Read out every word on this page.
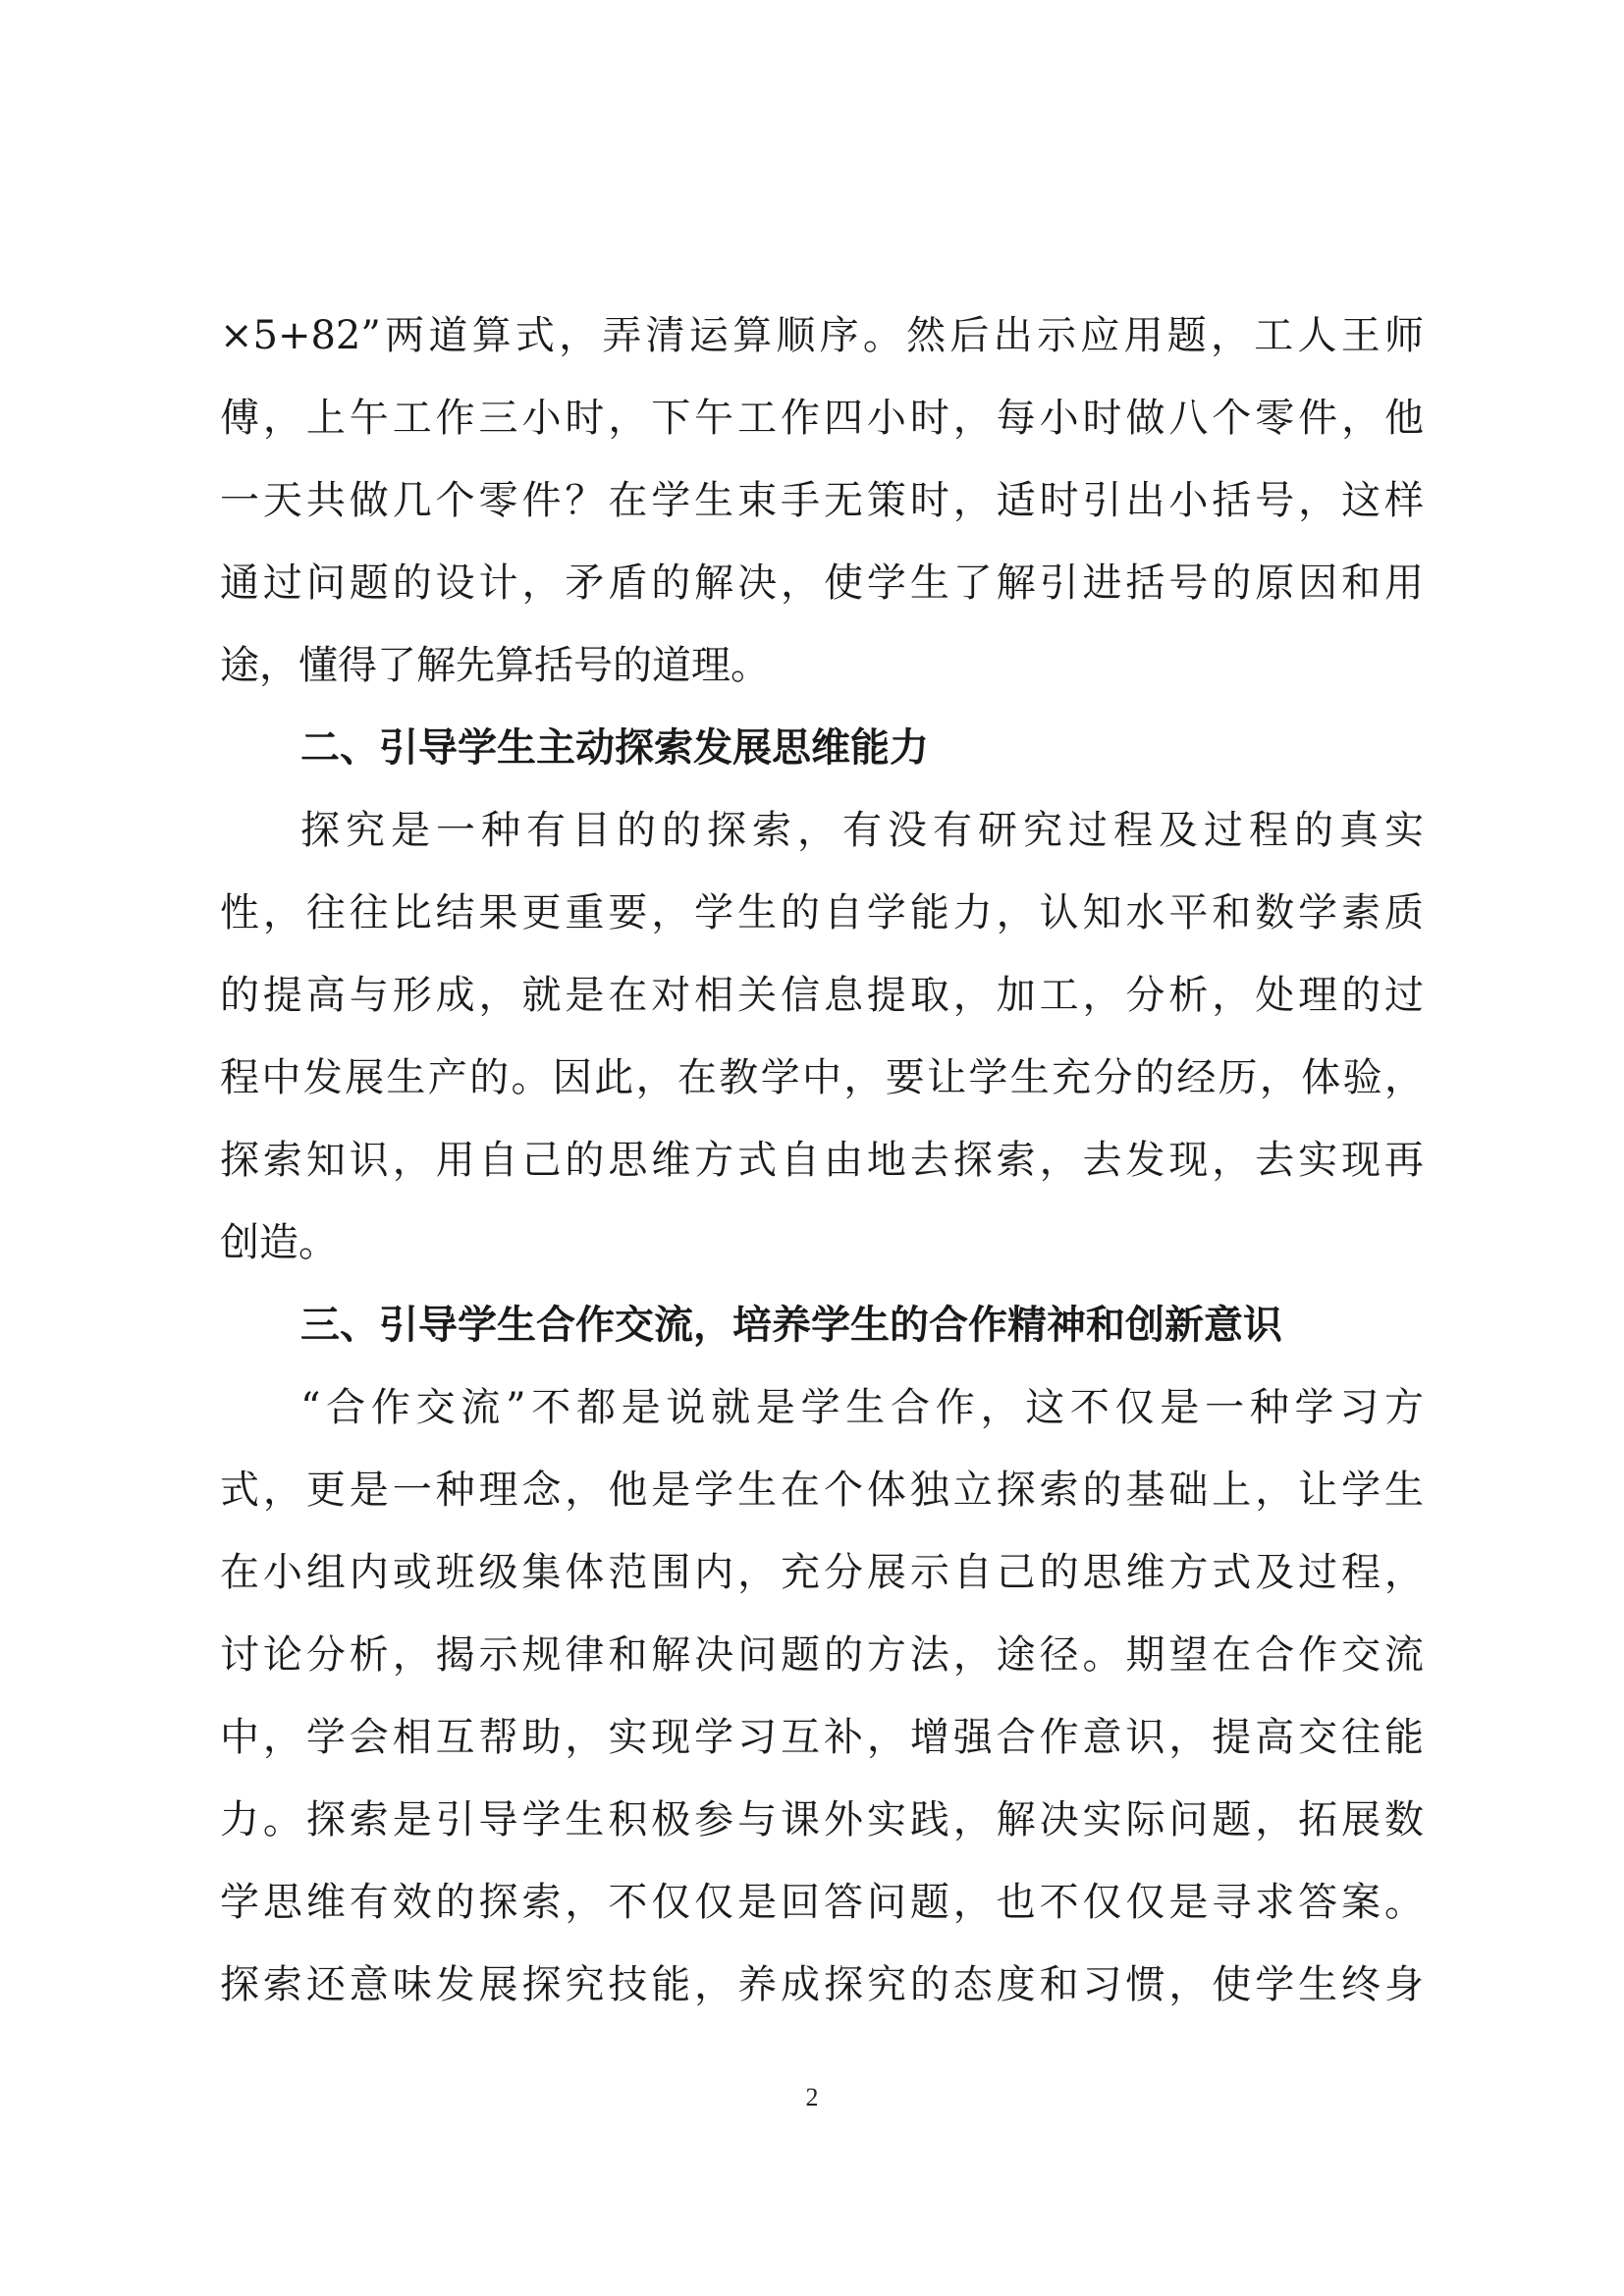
×5+82”两道算式，弄清运算顺序。然后出示应用题，工人王师
傅，上午工作三小时，下午工作四小时，每小时做八个零件，他
一天共做几个零件？在学生束手无策时，适时引出小括号，这样
通过问题的设计，矛盾的解决，使学生了解引进括号的原因和用
途，懂得了解先算括号的道理。
二、引导学生主动探索发展思维能力
探究是一种有目的的探索，有没有研究过程及过程的真实
性，往往比结果更重要，学生的自学能力，认知水平和数学素质
的提高与形成，就是在对相关信息提取，加工，分析，处理的过
程中发展生产的。因此，在教学中，要让学生充分的经历，体验，
探索知识，用自己的思维方式自由地去探索，去发现，去实现再
创造。
三、引导学生合作交流，培养学生的合作精神和创新意识
“合作交流”不都是说就是学生合作，这不仅是一种学习方
式，更是一种理念，他是学生在个体独立探索的基础上，让学生
在小组内或班级集体范围内，充分展示自己的思维方式及过程，
讨论分析，揭示规律和解决问题的方法，途径。期望在合作交流
中，学会相互帮助，实现学习互补，增强合作意识，提高交往能
力。探索是引导学生积极参与课外实践，解决实际问题，拓展数
学思维有效的探索，不仅仅是回答问题，也不仅仅是寻求答案。
探索还意味发展探究技能，养成探究的态度和习惯，使学生终身
2
